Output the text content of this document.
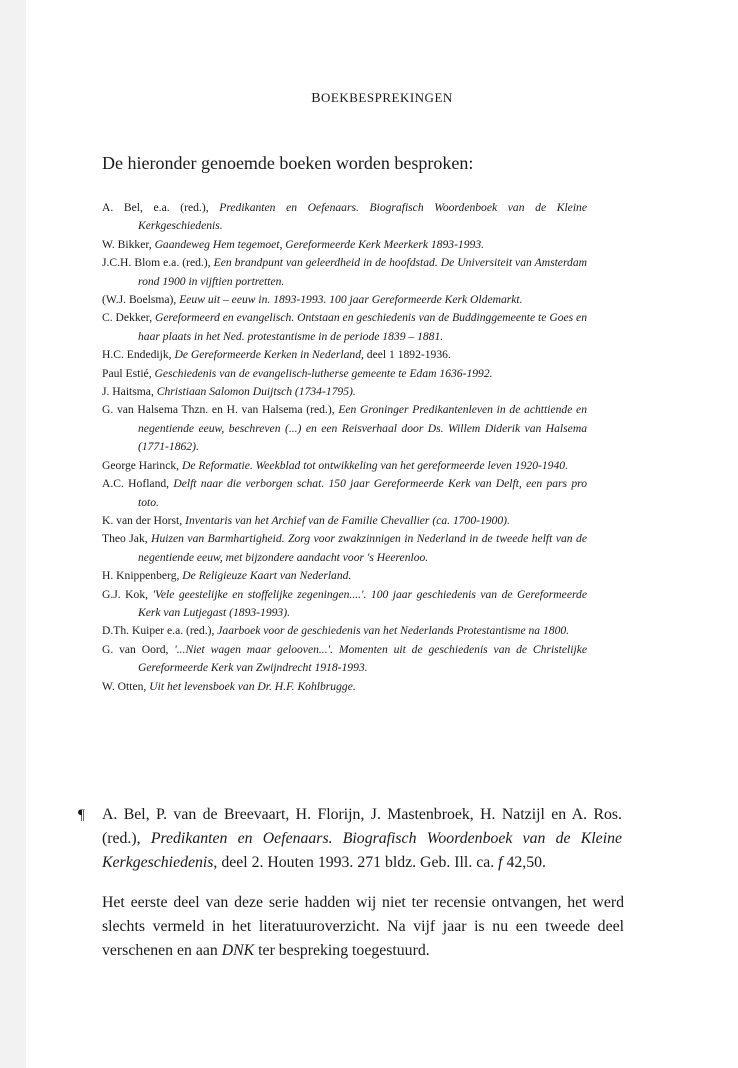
BOEKBESPREKINGEN
De hieronder genoemde boeken worden besproken:
A. Bel, e.a. (red.), Predikanten en Oefenaars. Biografisch Woordenboek van de Kleine Kerkgeschiedenis.
W. Bikker, Gaandeweg Hem tegemoet, Gereformeerde Kerk Meerkerk 1893-1993.
J.C.H. Blom e.a. (red.), Een brandpunt van geleerdheid in de hoofdstad. De Universiteit van Amsterdam rond 1900 in vijftien portretten.
(W.J. Boelsma), Eeuw uit – eeuw in. 1893-1993. 100 jaar Gereformeerde Kerk Oldemarkt.
C. Dekker, Gereformeerd en evangelisch. Ontstaan en geschiedenis van de Buddinggemeente te Goes en haar plaats in het Ned. protestantisme in de periode 1839 – 1881.
H.C. Endedijk, De Gereformeerde Kerken in Nederland, deel 1 1892-1936.
Paul Estié, Geschiedenis van de evangelisch-lutherse gemeente te Edam 1636-1992.
J. Haitsma, Christiaan Salomon Duijtsch (1734-1795).
G. van Halsema Thzn. en H. van Halsema (red.), Een Groninger Predikantenleven in de achttiende en negentiende eeuw, beschreven (...) en een Reisverhaal door Ds. Willem Diderik van Halsema (1771-1862).
George Harinck, De Reformatie. Weekblad tot ontwikkeling van het gereformeerde leven 1920-1940.
A.C. Hofland, Delft naar die verborgen schat. 150 jaar Gereformeerde Kerk van Delft, een pars pro toto.
K. van der Horst, Inventaris van het Archief van de Familie Chevallier (ca. 1700-1900).
Theo Jak, Huizen van Barmhartigheid. Zorg voor zwakzinnigen in Nederland in de tweede helft van de negentiende eeuw, met bijzondere aandacht voor 's Heerenloo.
H. Knippenberg, De Religieuze Kaart van Nederland.
G.J. Kok, 'Vele geestelijke en stoffelijke zegeningen....'. 100 jaar geschiedenis van de Gereformeerde Kerk van Lutjegast (1893-1993).
D.Th. Kuiper e.a. (red.), Jaarboek voor de geschiedenis van het Nederlands Protestantisme na 1800.
G. van Oord, '...Niet wagen maar gelooven...'. Momenten uit de geschiedenis van de Christelijke Gereformeerde Kerk van Zwijndrecht 1918-1993.
W. Otten, Uit het levensboek van Dr. H.F. Kohlbrugge.
¶ A. Bel, P. van de Breevaart, H. Florijn, J. Mastenbroek, H. Natzijl en A. Ros. (red.), Predikanten en Oefenaars. Biografisch Woordenboek van de Kleine Kerkgeschiedenis, deel 2. Houten 1993. 271 bldz. Geb. Ill. ca. f 42,50.

Het eerste deel van deze serie hadden wij niet ter recensie ontvangen, het werd slechts vermeld in het literatuuroverzicht. Na vijf jaar is nu een tweede deel verschenen en aan DNK ter bespreking toegestuurd.
